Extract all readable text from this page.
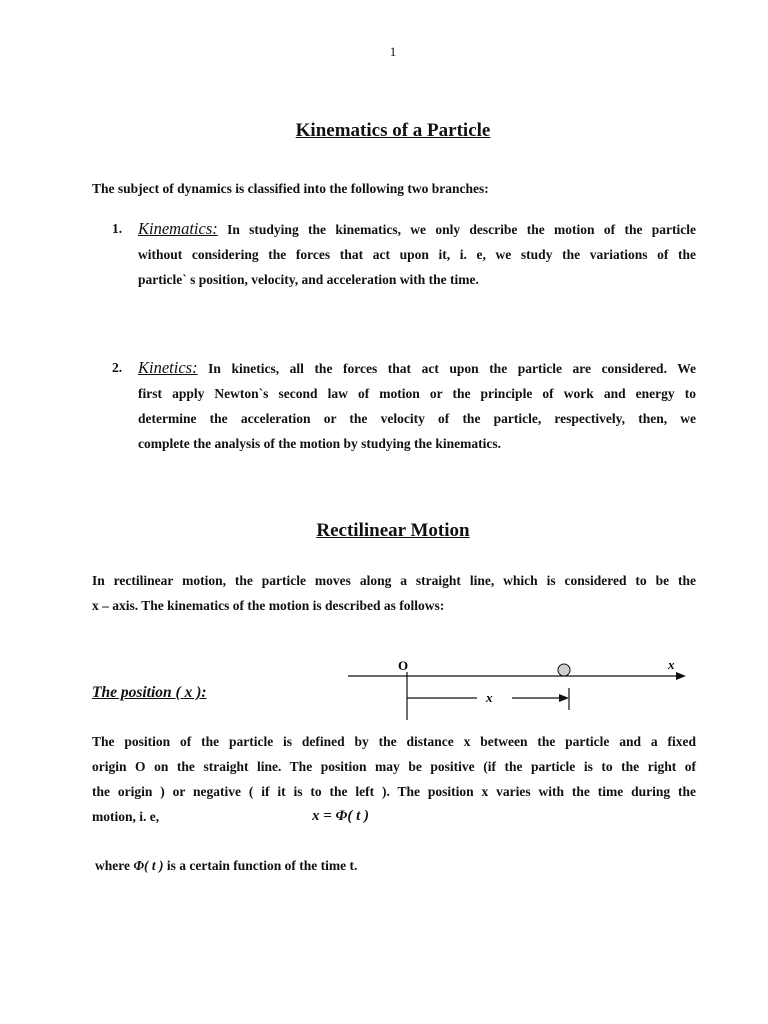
1
Kinematics of a Particle
The subject of dynamics is classified into the following two branches:
1. Kinematics: In studying the kinematics, we only describe the motion of the particle
without considering the forces that act upon it, i. e, we study the variations of the
particle` s position, velocity, and acceleration with the time.
2. Kinetics: In kinetics, all the forces that act upon the particle are considered. We
first apply Newton`s second law of motion or the principle of work and energy to
determine the acceleration or the velocity of the particle, respectively, then, we
complete the analysis of the motion by studying the kinematics.
Rectilinear Motion
In rectilinear motion, the particle moves along a straight line, which is considered to be the
x – axis. The kinematics of the motion is described as follows:
The position ( x ):
O	x
x
The position of the particle is defined by the distance x between the particle and a fixed
origin O on the straight line. The position may be positive (if the particle is to the right of
the origin ) or negative ( if it is to the left ). The position x varies with the time during the
motion, i. e,	x = Φ( t )
where Φ( t ) is a certain function of the time t.
